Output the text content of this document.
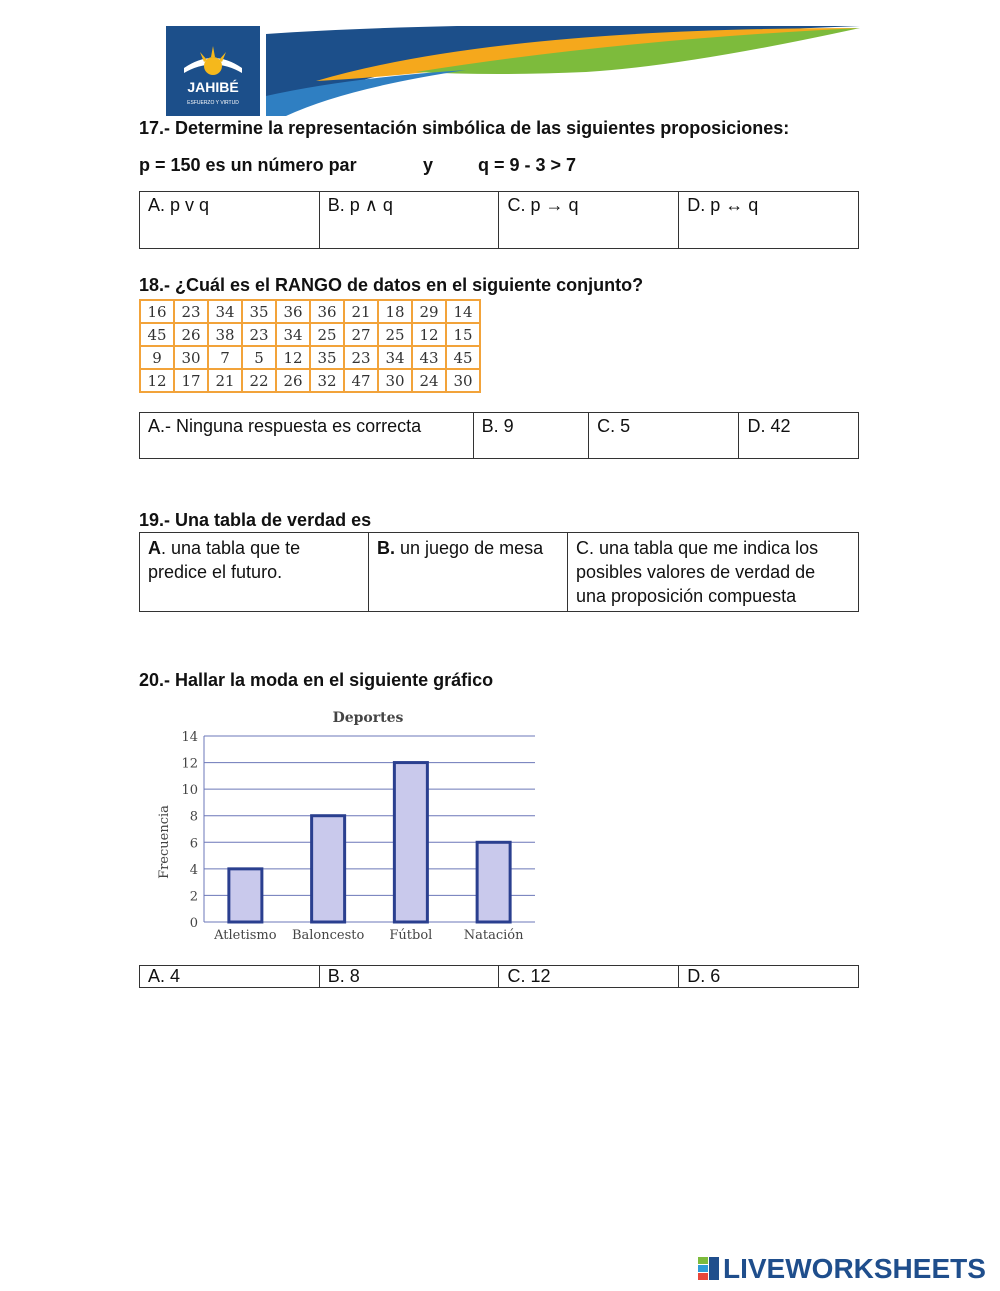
JAHIBÉ
ESFUERZO Y VIRTUD
17.- Determine la representación simbólica de las siguientes proposiciones:
p = 150 es un número par	y q = 9 - 3 > 7
A. p v q	B. p ∧ q	C. p → q	D. p ↔ q
18.- ¿Cuál es el RANGO de datos en el siguiente conjunto?
16	23	34	35	36	36	21	18	29	14
45	26	38	23	34	25	27	25	12	15
9	30	7	5	12	35	23	34	43	45
12	17	21	22	26	32	47	30	24	30
A.- Ninguna respuesta es correcta	B. 9	C. 5	D. 42
19.- Una tabla de verdad es
A. una tabla que te predice el futuro.	B. un juego de mesa	C. una tabla que me indica los posibles valores de verdad de una proposición compuesta
20.- Hallar la moda en el siguiente gráfico
Deportes
Frecuencia
0
2
4
6
8
10
12
14
Atletismo Baloncesto Fútbol Natación
A. 4	B. 8	C. 12	D. 6
LIVEWORKSHEETS
